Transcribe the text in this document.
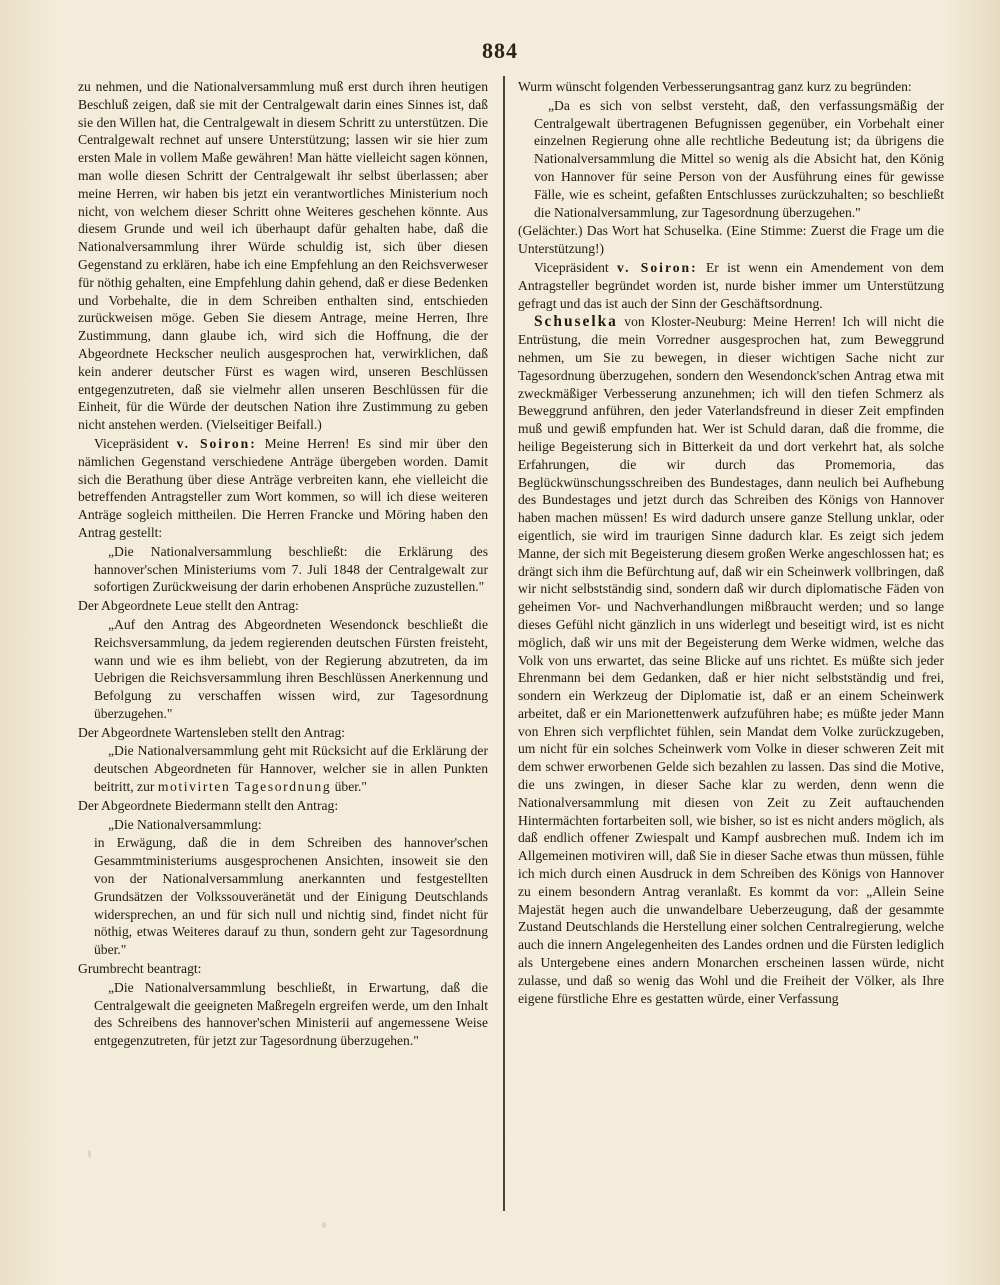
884

zu nehmen, und die Nationalversammlung muß erst durch ihren heutigen Beschluß zeigen, daß sie mit der Centralgewalt darin eines Sinnes ist, daß sie den Willen hat, die Centralgewalt in diesem Schritt zu unterstützen. Die Centralgewalt rechnet auf unsere Unterstützung; lassen wir sie hier zum ersten Male in vollem Maße gewähren! Man hätte vielleicht sagen können, man wolle diesen Schritt der Centralgewalt ihr selbst überlassen; aber meine Herren, wir haben bis jetzt ein verantwortliches Ministerium noch nicht, von welchem dieser Schritt ohne Weiteres geschehen könnte. Aus diesem Grunde und weil ich überhaupt dafür gehalten habe, daß die Nationalversammlung ihrer Würde schuldig ist, sich über diesen Gegenstand zu erklären, habe ich eine Empfehlung an den Reichsverweser für nöthig gehalten, eine Empfehlung dahin gehend, daß er diese Bedenken und Vorbehalte, die in dem Schreiben enthalten sind, entschieden zurückweisen möge. Geben Sie diesem Antrage, meine Herren, Ihre Zustimmung, dann glaube ich, wird sich die Hoffnung, die der Abgeordnete Heckscher neulich ausgesprochen hat, verwirklichen, daß kein anderer deutscher Fürst es wagen wird, unseren Beschlüssen entgegenzutreten, daß sie vielmehr allen unseren Beschlüssen für die Einheit, für die Würde der deutschen Nation ihre Zustimmung zu geben nicht anstehen werden. (Vielseitiger Beifall.)

Vicepräsident v. Soiron: Meine Herren! Es sind mir über den nämlichen Gegenstand verschiedene Anträge übergeben worden. Damit sich die Berathung über diese Anträge verbreiten kann, ehe vielleicht die betreffenden Antragsteller zum Wort kommen, so will ich diese weiteren Anträge sogleich mittheilen. Die Herren Francke und Möring haben den Antrag gestellt:

„Die Nationalversammlung beschließt: die Erklärung des hannover'schen Ministeriums vom 7. Juli 1848 der Centralgewalt zur sofortigen Zurückweisung der darin erhobenen Ansprüche zuzustellen."

Der Abgeordnete Leue stellt den Antrag:

„Auf den Antrag des Abgeordneten Wesendonck beschließt die Reichsversammlung, da jedem regierenden deutschen Fürsten freisteht, wann und wie es ihm beliebt, von der Regierung abzutreten, da im Uebrigen die Reichsversammlung ihren Beschlüssen Anerkennung und Befolgung zu verschaffen wissen wird, zur Tagesordnung überzugehen."

Der Abgeordnete Wartensleben stellt den Antrag:

„Die Nationalversammlung geht mit Rücksicht auf die Erklärung der deutschen Abgeordneten für Hannover, welcher sie in allen Punkten beitritt, zur motivirten Tagesordnung über."

Der Abgeordnete Biedermann stellt den Antrag:

„Die Nationalversammlung:

in Erwägung, daß die in dem Schreiben des hannover'schen Gesammtministeriums ausgesprochenen Ansichten, insoweit sie den von der Nationalversammlung anerkannten und festgestellten Grundsätzen der Volkssouveränetät und der Einigung Deutschlands widersprechen, an und für sich null und nichtig sind, findet nicht für nöthig, etwas Weiteres darauf zu thun, sondern geht zur Tagesordnung über."

Grumbrecht beantragt:

„Die Nationalversammlung beschließt, in Erwartung, daß die Centralgewalt die geeigneten Maßregeln ergreifen werde, um den Inhalt des Schreibens des hannover'schen Ministerii auf angemessene Weise entgegenzutreten, für jetzt zur Tagesordnung überzugehen."

Wurm wünscht folgenden Verbesserungsantrag ganz kurz zu begründen:

„Da es sich von selbst versteht, daß, den verfassungsmäßig der Centralgewalt übertragenen Befugnissen gegenüber, ein Vorbehalt einer einzelnen Regierung ohne alle rechtliche Bedeutung ist; da übrigens die Nationalversammlung die Mittel so wenig als die Absicht hat, den König von Hannover für seine Person von der Ausführung eines für gewisse Fälle, wie es scheint, gefaßten Entschlusses zurückzuhalten; so beschließt die Nationalversammlung, zur Tagesordnung überzugehen."

(Gelächter.) Das Wort hat Schuselka. (Eine Stimme: Zuerst die Frage um die Unterstützung!)

Vicepräsident v. Soiron: Er ist wenn ein Amendement von dem Antragsteller begründet worden ist, nurde bisher immer um Unterstützung gefragt und das ist auch der Sinn der Geschäftsordnung.

Schuselka von Kloster-Neuburg: Meine Herren! Ich will nicht die Entrüstung, die mein Vorredner ausgesprochen hat, zum Beweggrund nehmen, um Sie zu bewegen, in dieser wichtigen Sache nicht zur Tagesordnung überzugehen, sondern den Wesendonck'schen Antrag etwa mit zweckmäßiger Verbesserung anzunehmen; ich will den tiefen Schmerz als Beweggrund anführen, den jeder Vaterlandsfreund in dieser Zeit empfinden muß und gewiß empfunden hat. Wer ist Schuld daran, daß die fromme, die heilige Begeisterung sich in Bitterkeit da und dort verkehrt hat, als solche Erfahrungen, die wir durch das Promemoria, das Beglückwünschungsschreiben des Bundestages, dann neulich bei Aufhebung des Bundestages und jetzt durch das Schreiben des Königs von Hannover haben machen müssen! Es wird dadurch unsere ganze Stellung unklar, oder eigentlich, sie wird im traurigen Sinne dadurch klar. Es zeigt sich jedem Manne, der sich mit Begeisterung diesem großen Werke angeschlossen hat; es drängt sich ihm die Befürchtung auf, daß wir ein Scheinwerk vollbringen, daß wir nicht selbstständig sind, sondern daß wir durch diplomatische Fäden von geheimen Vor- und Nachverhandlungen mißbraucht werden; und so lange dieses Gefühl nicht gänzlich in uns widerlegt und beseitigt wird, ist es nicht möglich, daß wir uns mit der Begeisterung dem Werke widmen, welche das Volk von uns erwartet, das seine Blicke auf uns richtet. Es müßte sich jeder Ehrenmann bei dem Gedanken, daß er hier nicht selbstständig und frei, sondern ein Werkzeug der Diplomatie ist, daß er an einem Scheinwerk arbeitet, daß er ein Marionettenwerk aufzuführen habe; es müßte jeder Mann von Ehren sich verpflichtet fühlen, sein Mandat dem Volke zurückzugeben, um nicht für ein solches Scheinwerk vom Volke in dieser schweren Zeit mit dem schwer erworbenen Gelde sich bezahlen zu lassen. Das sind die Motive, die uns zwingen, in dieser Sache klar zu werden, denn wenn die Nationalversammlung mit diesen von Zeit zu Zeit auftauchenden Hintermächten fortarbeiten soll, wie bisher, so ist es nicht anders möglich, als daß endlich offener Zwiespalt und Kampf ausbrechen muß. Indem ich im Allgemeinen motiviren will, daß Sie in dieser Sache etwas thun müssen, fühle ich mich durch einen Ausdruck in dem Schreiben des Königs von Hannover zu einem besondern Antrag veranlaßt. Es kommt da vor: „Allein Seine Majestät hegen auch die unwandelbare Ueberzeugung, daß der gesammte Zustand Deutschlands die Herstellung einer solchen Centralregierung, welche auch die innern Angelegenheiten des Landes ordnen und die Fürsten lediglich als Untergebene eines andern Monarchen erscheinen lassen würde, nicht zulasse, und daß so wenig das Wohl und die Freiheit der Völker, als Ihre eigene fürstliche Ehre es gestatten würde, einer Verfassung
